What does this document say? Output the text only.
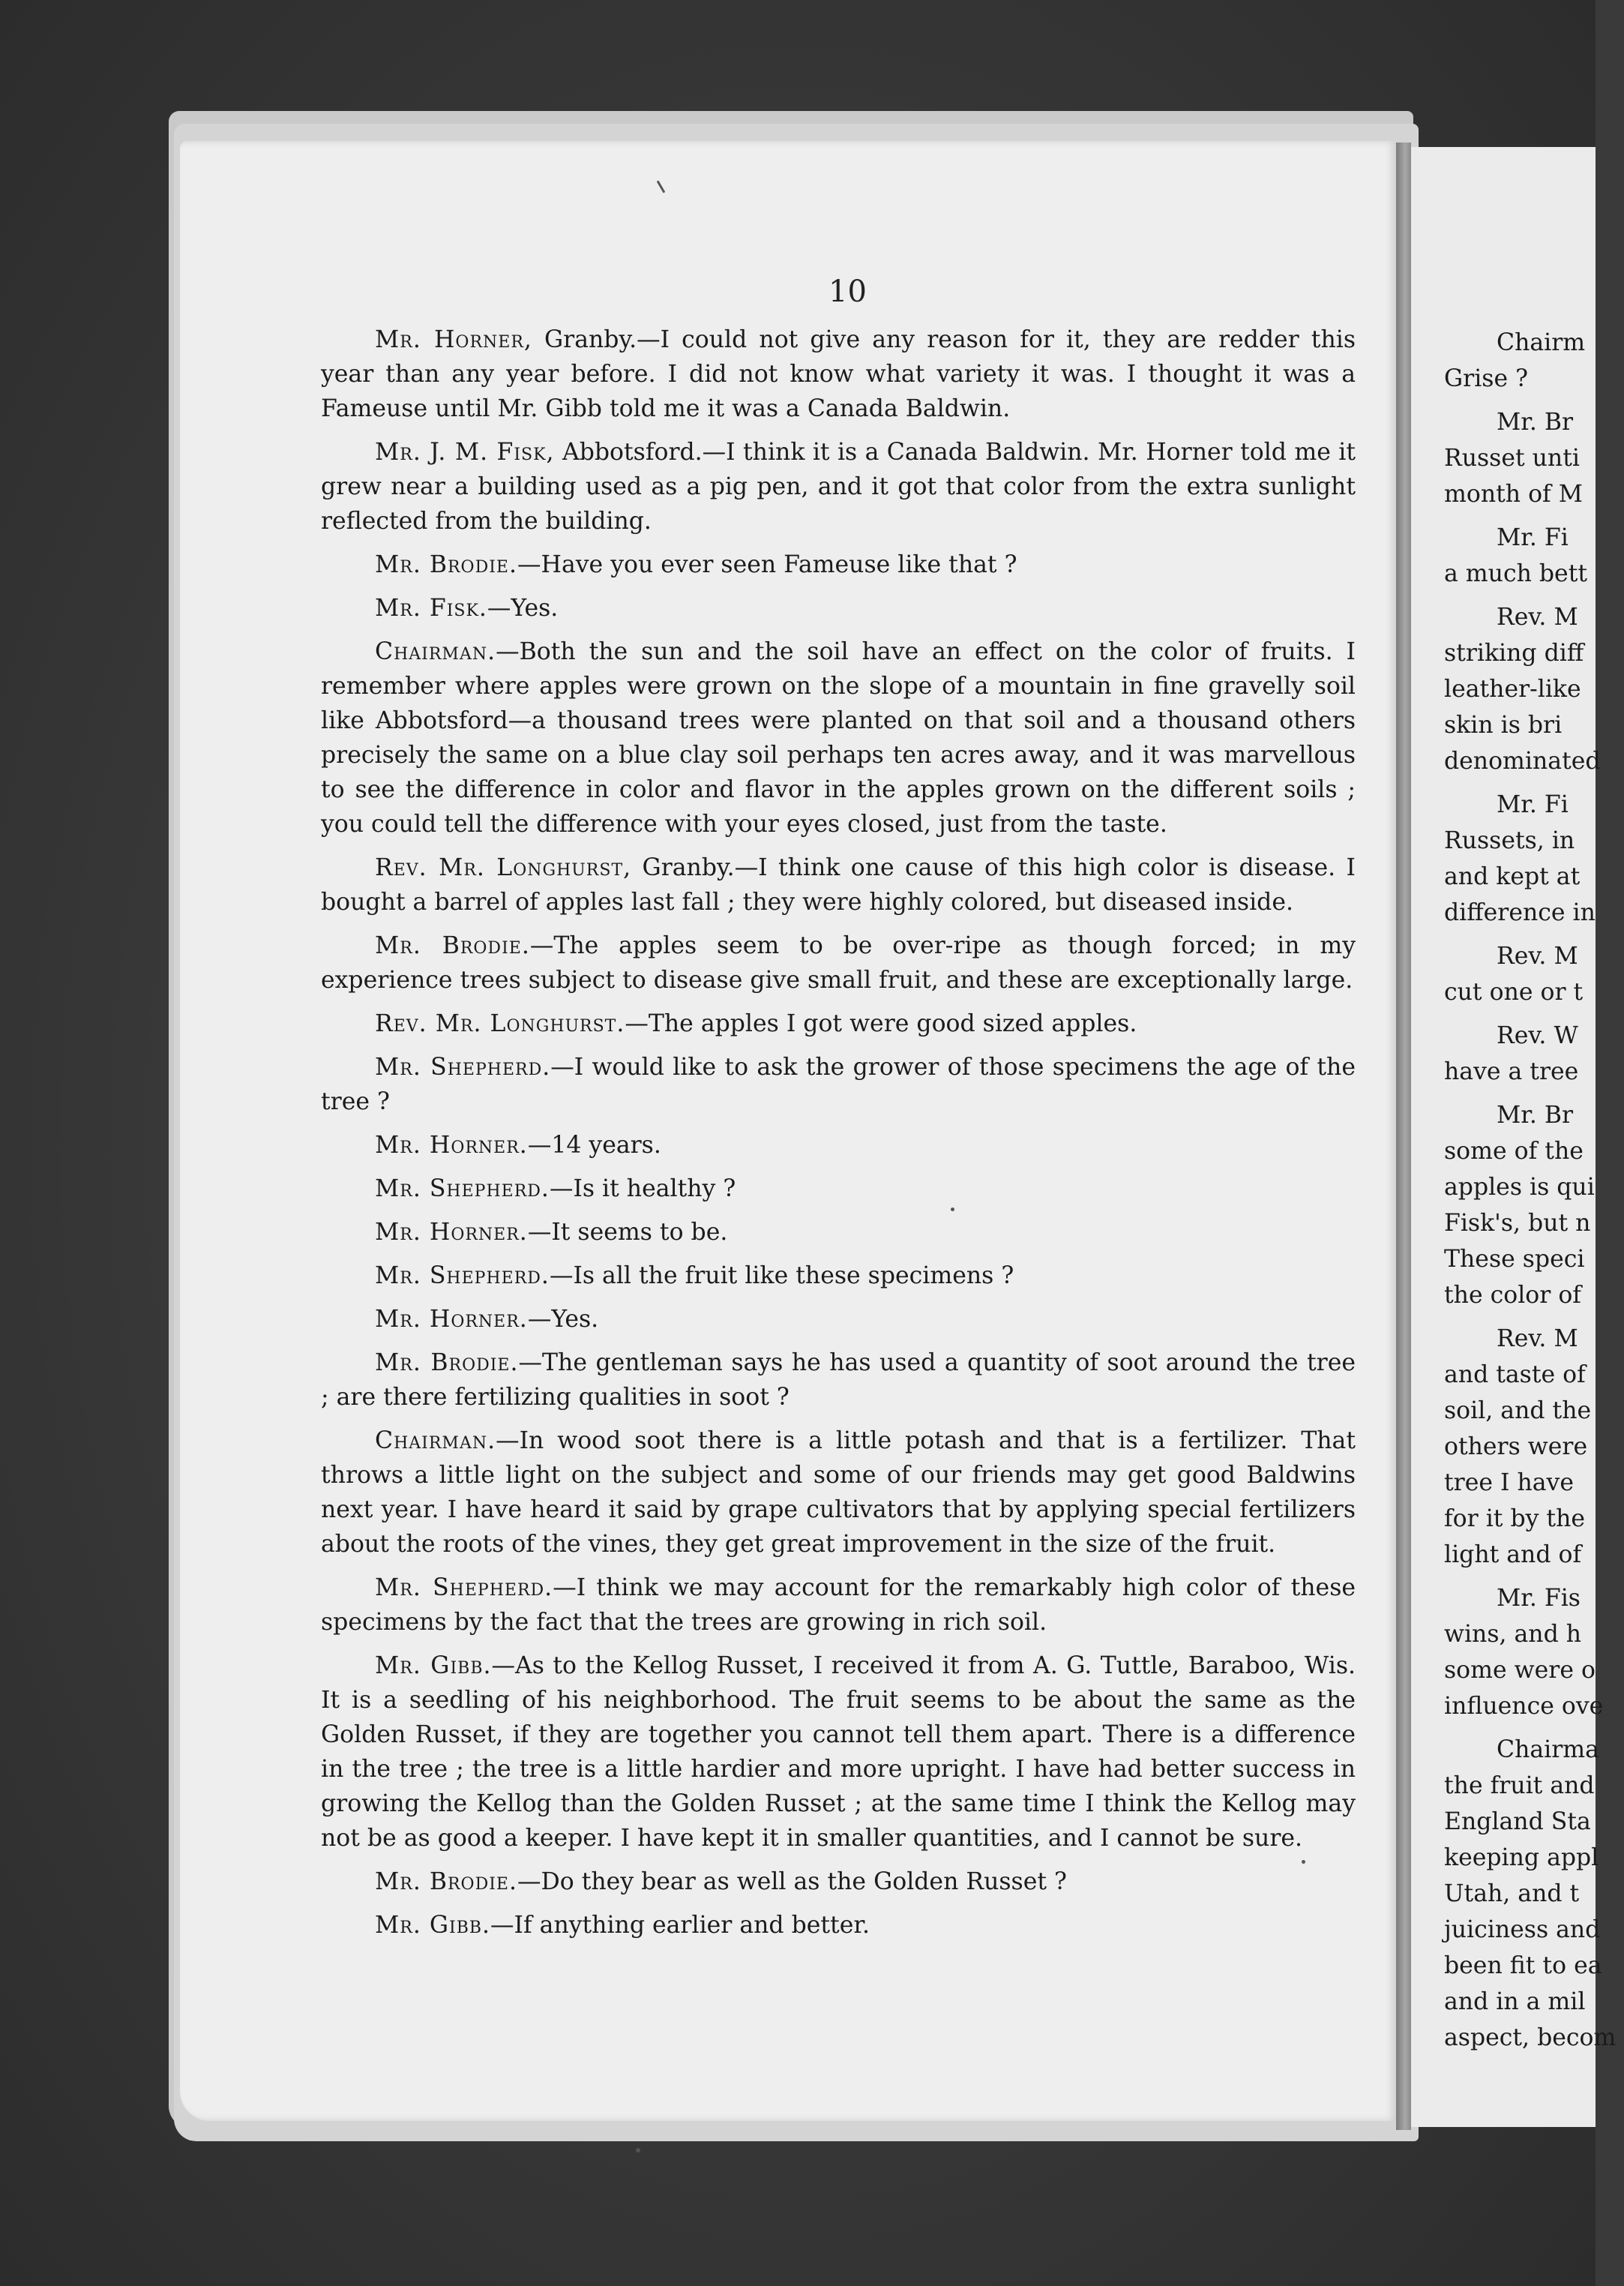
Chairm
Grise ?
Mr. Br
Russet unti
month of M
Mr. Fi
a much bett
Rev. M
striking diff
leather-like
skin is bri
denominated
Mr. Fi
Russets, in
and kept at
difference in
Rev. M
cut one or t
Rev. W
have a tree
Mr. Br
some of the
apples is qui
Fisk's, but n
These speci
the color of
Rev. M
and taste of
soil, and the
others were
tree I have
for it by the
light and of
Mr. Fis
wins, and h
some were o
influence ove
Chairma
the fruit and
England Sta
keeping appl
Utah, and t
juiciness and
been fit to ea
and in a mil
aspect, becom
10

Mr. Horner, Granby.—I could not give any reason for it, they are redder this year than any year before. I did not know what variety it was. I thought it was a Fameuse until Mr. Gibb told me it was a Canada Baldwin.

Mr. J. M. Fisk, Abbotsford.—I think it is a Canada Baldwin. Mr. Horner told me it grew near a building used as a pig pen, and it got that color from the extra sunlight reflected from the building.

Mr. Brodie.—Have you ever seen Fameuse like that ?

Mr. Fisk.—Yes.

Chairman.—Both the sun and the soil have an effect on the color of fruits. I remember where apples were grown on the slope of a mountain in fine gravelly soil like Abbotsford—a thousand trees were planted on that soil and a thousand others precisely the same on a blue clay soil perhaps ten acres away, and it was marvellous to see the difference in color and flavor in the apples grown on the different soils ; you could tell the difference with your eyes closed, just from the taste.

Rev. Mr. Longhurst, Granby.—I think one cause of this high color is disease. I bought a barrel of apples last fall ; they were highly colored, but diseased inside.

Mr. Brodie.—The apples seem to be over-ripe as though forced; in my experience trees subject to disease give small fruit, and these are exceptionally large.

Rev. Mr. Longhurst.—The apples I got were good sized apples.

Mr. Shepherd.—I would like to ask the grower of those specimens the age of the tree ?

Mr. Horner.—14 years.

Mr. Shepherd.—Is it healthy ?

Mr. Horner.—It seems to be.

Mr. Shepherd.—Is all the fruit like these specimens ?

Mr. Horner.—Yes.

Mr. Brodie.—The gentleman says he has used a quantity of soot around the tree ; are there fertilizing qualities in soot ?

Chairman.—In wood soot there is a little potash and that is a fertilizer. That throws a little light on the subject and some of our friends may get good Baldwins next year. I have heard it said by grape cultivators that by applying special fertilizers about the roots of the vines, they get great improvement in the size of the fruit.

Mr. Shepherd.—I think we may account for the remarkably high color of these specimens by the fact that the trees are growing in rich soil.

Mr. Gibb.—As to the Kellog Russet, I received it from A. G. Tuttle, Baraboo, Wis. It is a seedling of his neighborhood. The fruit seems to be about the same as the Golden Russet, if they are together you cannot tell them apart. There is a difference in the tree ; the tree is a little hardier and more upright. I have had better success in growing the Kellog than the Golden Russet ; at the same time I think the Kellog may not be as good a keeper. I have kept it in smaller quantities, and I cannot be sure.

Mr. Brodie.—Do they bear as well as the Golden Russet ?

Mr. Gibb.—If anything earlier and better.
